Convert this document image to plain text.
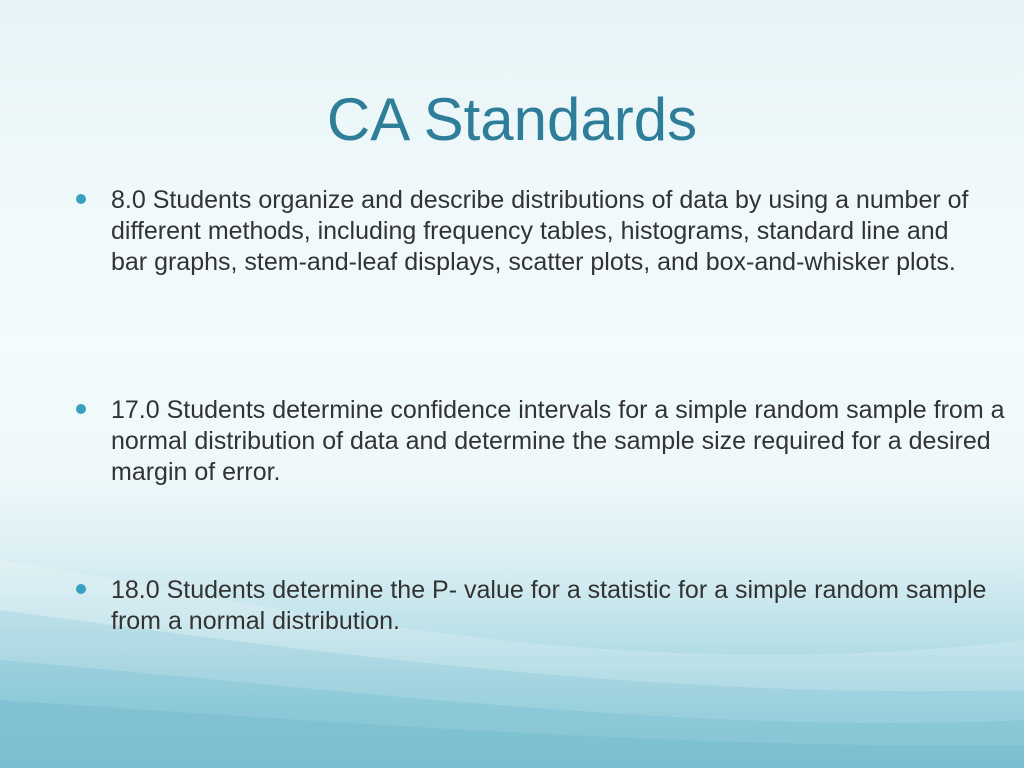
CA Standards
8.0 Students organize and describe distributions of data by using a number of different methods, including frequency tables, histograms, standard line and bar graphs, stem-and-leaf displays, scatter plots, and box-and-whisker plots.
17.0 Students determine confidence intervals for a simple random sample from a normal distribution of data and determine the sample size required for a desired margin of error.
18.0 Students determine the P- value for a statistic for a simple random sample from a normal distribution.
